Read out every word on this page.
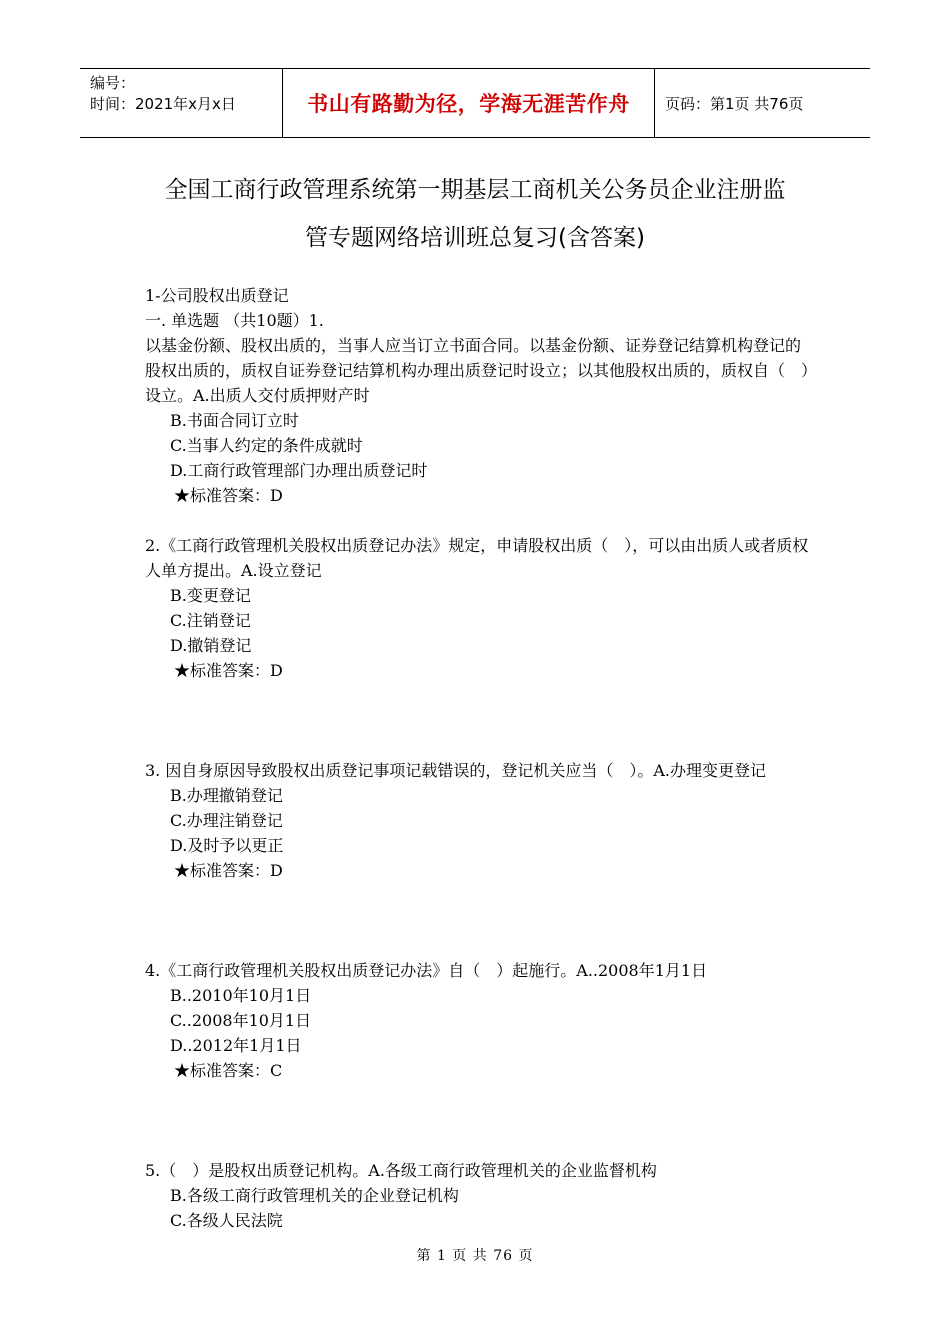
编号：
时间：2021年x月x日	书山有路勤为径，学海无涯苦作舟	页码：第1页 共76页
全国工商行政管理系统第一期基层工商机关公务员企业注册监
管专题网络培训班总复习(含答案)
1-公司股权出质登记
一. 单选题 （共10题）1.
以基金份额、股权出质的，当事人应当订立书面合同。以基金份额、证券登记结算机构登记的股权出质的，质权自证券登记结算机构办理出质登记时设立；以其他股权出质的，质权自（　）设立。A.出质人交付质押财产时
B.书面合同订立时
C.当事人约定的条件成就时
D.工商行政管理部门办理出质登记时
★标准答案：D
2.《工商行政管理机关股权出质登记办法》规定，申请股权出质（　），可以由出质人或者质权人单方提出。A.设立登记
B.变更登记
C.注销登记
D.撤销登记
★标准答案：D
3. 因自身原因导致股权出质登记事项记载错误的，登记机关应当（　）。A.办理变更登记
B.办理撤销登记
C.办理注销登记
D.及时予以更正
★标准答案：D
4.《工商行政管理机关股权出质登记办法》自（　）起施行。A..2008年1月1日
B..2010年10月1日
C..2008年10月1日
D..2012年1月1日
★标准答案：C
5.（　）是股权出质登记机构。A.各级工商行政管理机关的企业监督机构
B.各级工商行政管理机关的企业登记机构
C.各级人民法院
第 1 页 共 76 页
